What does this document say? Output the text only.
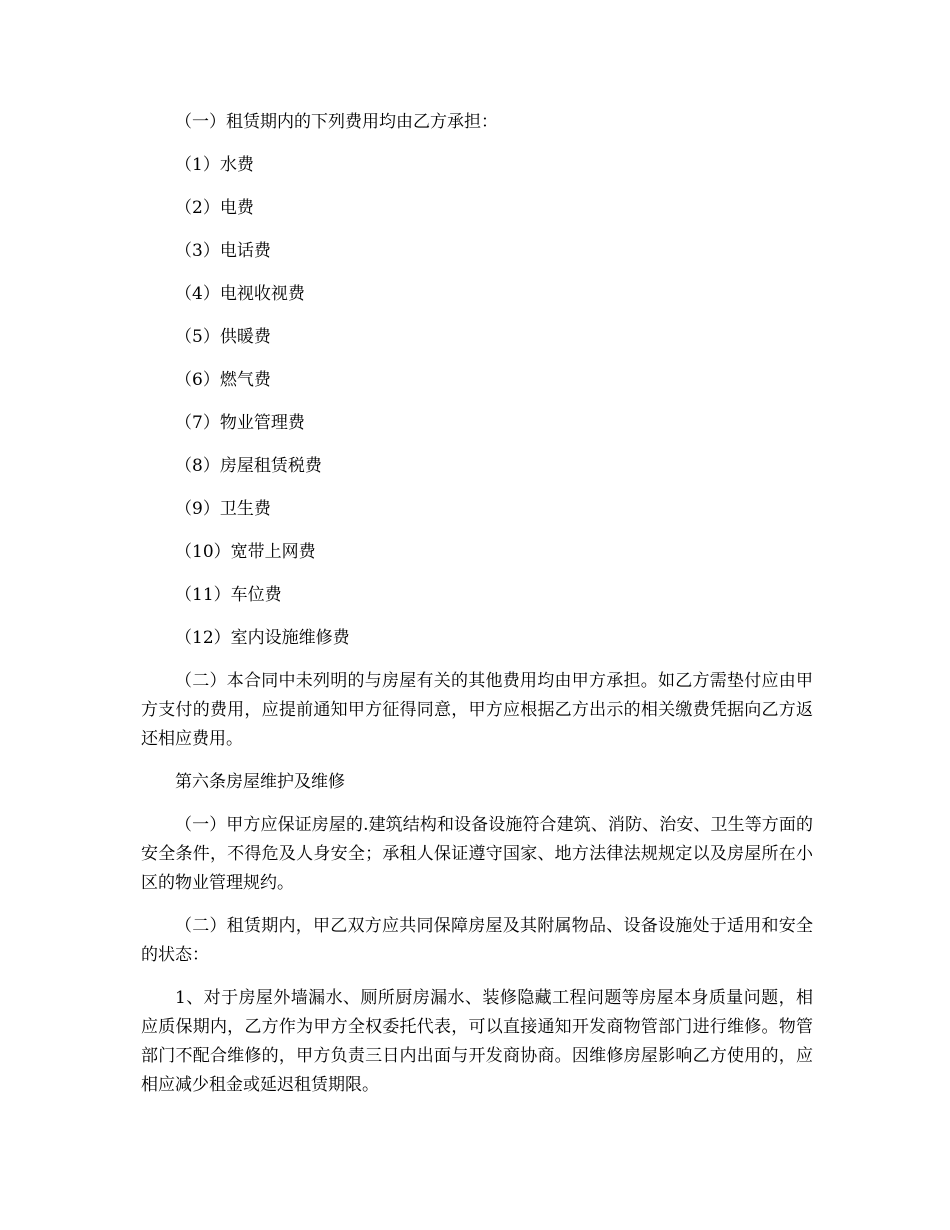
（一）租赁期内的下列费用均由乙方承担：

（1）水费
（2）电费
（3）电话费
（4）电视收视费
（5）供暖费
（6）燃气费
（7）物业管理费
（8）房屋租赁税费
（9）卫生费
（10）宽带上网费
（11）车位费
（12）室内设施维修费

（二）本合同中未列明的与房屋有关的其他费用均由甲方承担。如乙方需垫付应由甲方支付的费用，应提前通知甲方征得同意，甲方应根据乙方出示的相关缴费凭据向乙方返还相应费用。

第六条房屋维护及维修

（一）甲方应保证房屋的.建筑结构和设备设施符合建筑、消防、治安、卫生等方面的安全条件，不得危及人身安全；承租人保证遵守国家、地方法律法规规定以及房屋所在小区的物业管理规约。

（二）租赁期内，甲乙双方应共同保障房屋及其附属物品、设备设施处于适用和安全的状态：

1、对于房屋外墙漏水、厕所厨房漏水、装修隐藏工程问题等房屋本身质量问题，相应质保期内，乙方作为甲方全权委托代表，可以直接通知开发商物管部门进行维修。物管部门不配合维修的，甲方负责三日内出面与开发商协商。因维修房屋影响乙方使用的，应相应减少租金或延迟租赁期限。
